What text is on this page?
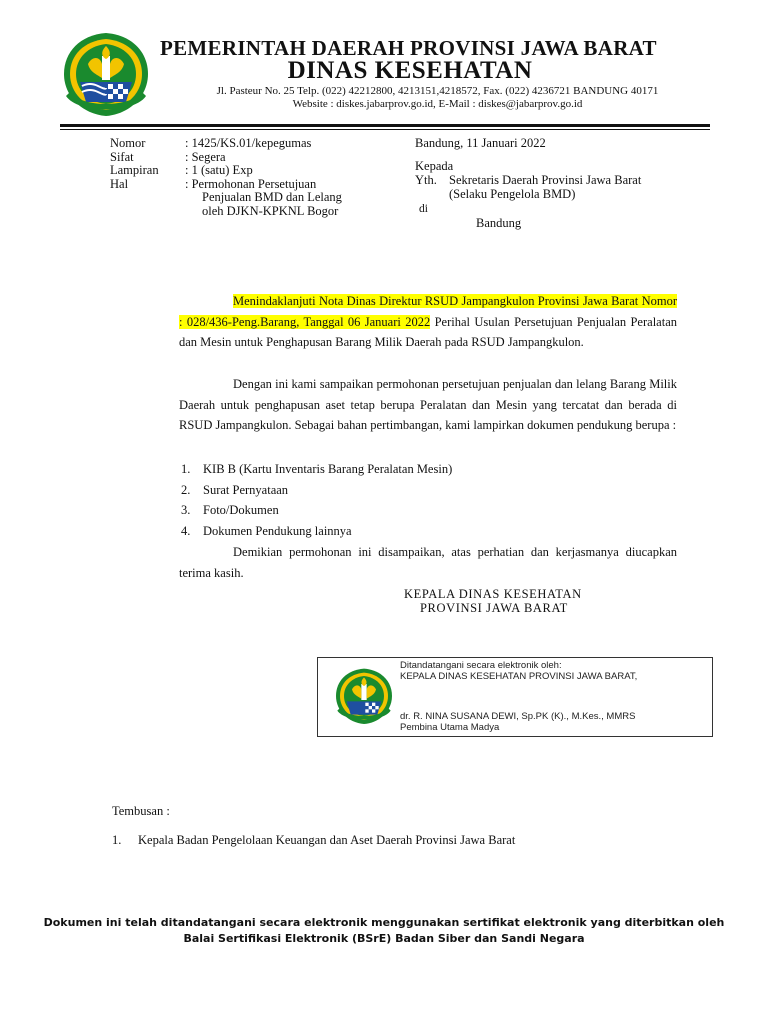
PEMERINTAH DAERAH PROVINSI JAWA BARAT
DINAS KESEHATAN
Jl. Pasteur No. 25 Telp. (022) 42212800, 4213151,4218572, Fax. (022) 4236721 BANDUNG 40171
Website : diskes.jabarprov.go.id, E-Mail : diskes@jabarprov.go.id
Nomor
Sifat
Lampiran
Hal
: 1425/KS.01/kepegumas
: Segera
: 1 (satu) Exp
: Permohonan Persetujuan
Penjualan BMD dan Lelang
oleh DJKN-KPKNL Bogor
Bandung, 11 Januari 2022
Kepada
Yth. Sekretaris Daerah Provinsi Jawa Barat
(Selaku Pengelola BMD)
di
Bandung
Menindaklanjuti Nota Dinas Direktur RSUD Jampangkulon Provinsi Jawa Barat Nomor : 028/436-Peng.Barang, Tanggal 06 Januari 2022 Perihal Usulan Persetujuan Penjualan Peralatan dan Mesin untuk Penghapusan Barang Milik Daerah pada RSUD Jampangkulon.
Dengan ini kami sampaikan permohonan persetujuan penjualan dan lelang Barang Milik Daerah untuk penghapusan aset tetap berupa Peralatan dan Mesin yang tercatat dan berada di RSUD Jampangkulon. Sebagai bahan pertimbangan, kami lampirkan dokumen pendukung berupa :
1. KIB B (Kartu Inventaris Barang Peralatan Mesin)
2. Surat Pernyataan
3. Foto/Dokumen
4. Dokumen Pendukung lainnya
Demikian permohonan ini disampaikan, atas perhatian dan kerjasmanya diucapkan terima kasih.
KEPALA DINAS KESEHATAN
PROVINSI JAWA BARAT
Ditandatangani secara elektronik oleh:
KEPALA DINAS KESEHATAN PROVINSI JAWA BARAT,
dr. R. NINA SUSANA DEWI, Sp.PK (K)., M.Kes., MMRS
Pembina Utama Madya
Tembusan :
1. Kepala Badan Pengelolaan Keuangan dan Aset Daerah Provinsi Jawa Barat
Dokumen ini telah ditandatangani secara elektronik menggunakan sertifikat elektronik yang diterbitkan oleh
Balai Sertifikasi Elektronik (BSrE) Badan Siber dan Sandi Negara
